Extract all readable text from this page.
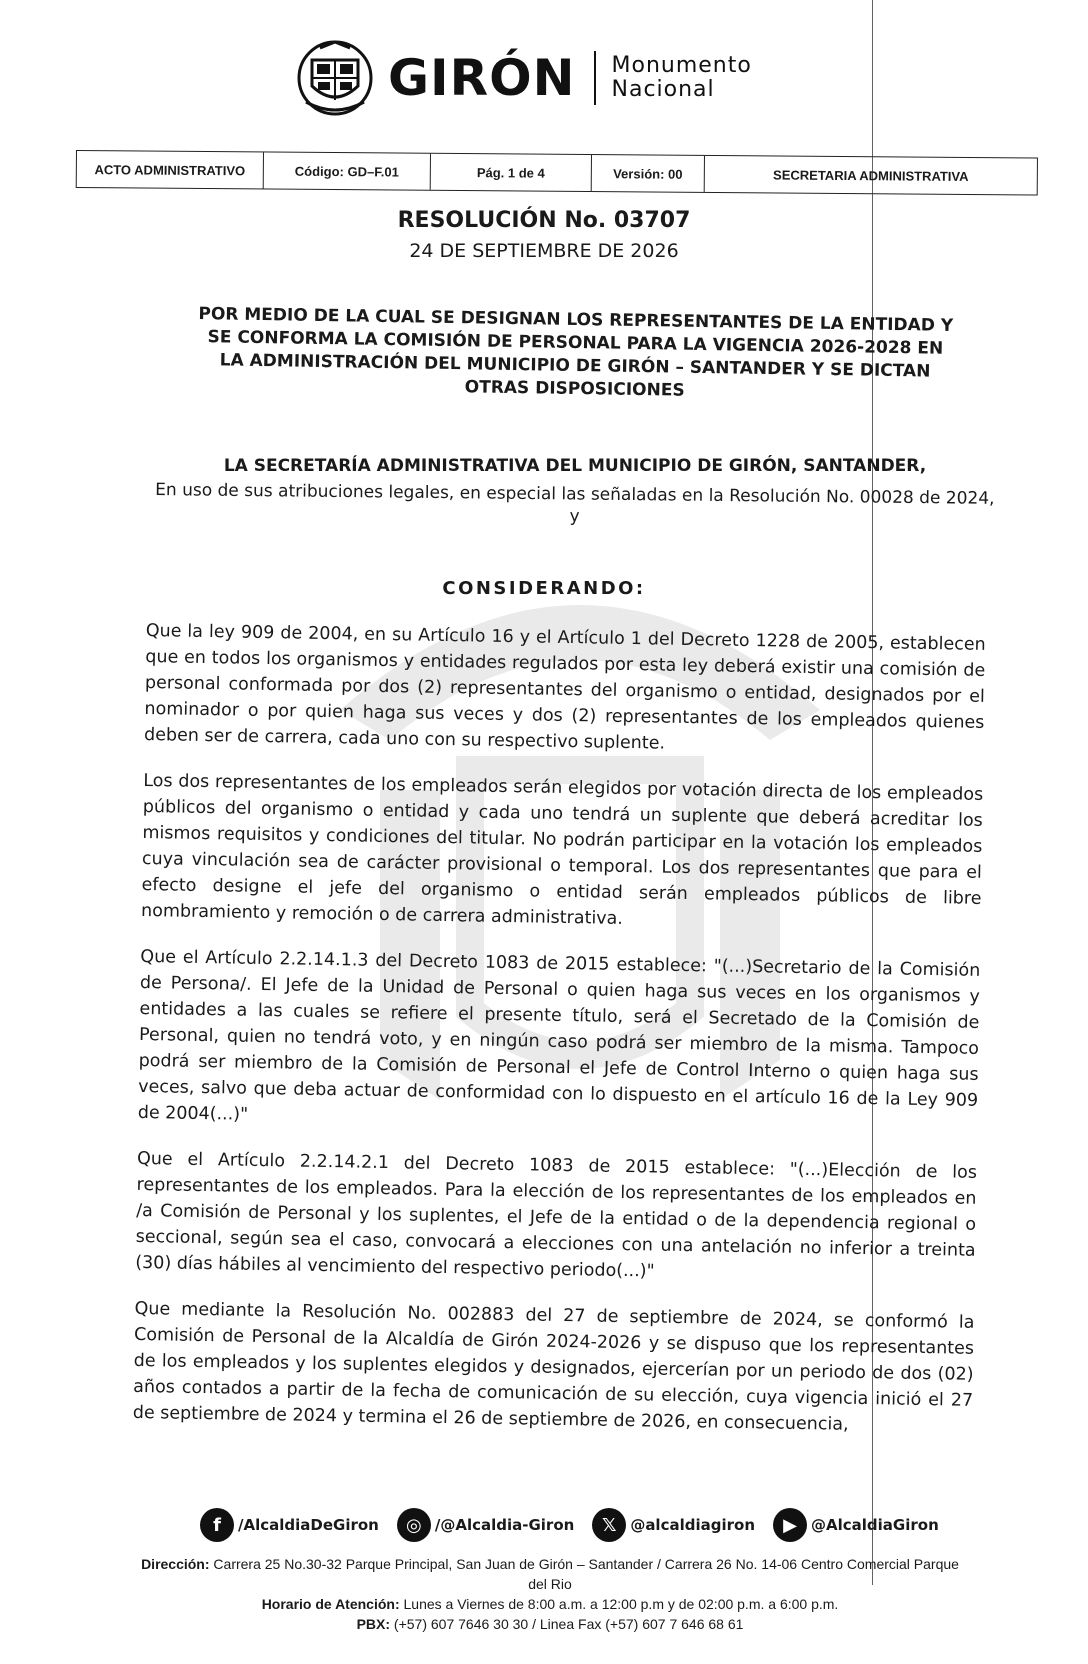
GIRÓN Monumento
Nacional
ACTO ADMINISTRATIVO	Código: GD–F.01	Pág. 1 de 4	Versión: 00	SECRETARIA ADMINISTRATIVA
RESOLUCIÓN No. 03707
24 DE SEPTIEMBRE DE 2026
POR MEDIO DE LA CUAL SE DESIGNAN LOS REPRESENTANTES DE LA ENTIDAD Y SE CONFORMA LA COMISIÓN DE PERSONAL PARA LA VIGENCIA 2026-2028 EN LA ADMINISTRACIÓN DEL MUNICIPIO DE GIRÓN – SANTANDER Y SE DICTAN OTRAS DISPOSICIONES
LA SECRETARÍA ADMINISTRATIVA DEL MUNICIPIO DE GIRÓN, SANTANDER,
En uso de sus atribuciones legales, en especial las señaladas en la Resolución No. 00028 de 2024, y
CONSIDERANDO:

Que la ley 909 de 2004, en su Artículo 16 y el Artículo 1 del Decreto 1228 de 2005, establecen que en todos los organismos y entidades regulados por esta ley deberá existir una comisión de personal conformada por dos (2) representantes del organismo o entidad, designados por el nominador o por quien haga sus veces y dos (2) representantes de los empleados quienes deben ser de carrera, cada uno con su respectivo suplente.

Los dos representantes de los empleados serán elegidos por votación directa de los empleados públicos del organismo o entidad y cada uno tendrá un suplente que deberá acreditar los mismos requisitos y condiciones del titular. No podrán participar en la votación los empleados cuya vinculación sea de carácter provisional o temporal. Los dos representantes que para el efecto designe el jefe del organismo o entidad serán empleados públicos de libre nombramiento y remoción o de carrera administrativa.

Que el Artículo 2.2.14.1.3 del Decreto 1083 de 2015 establece: "(...)Secretario de la Comisión de Persona/. El Jefe de la Unidad de Personal o quien haga sus veces en los organismos y entidades a las cuales se refiere el presente título, será el Secretado de la Comisión de Personal, quien no tendrá voto, y en ningún caso podrá ser miembro de la misma. Tampoco podrá ser miembro de la Comisión de Personal el Jefe de Control Interno o quien haga sus veces, salvo que deba actuar de conformidad con lo dispuesto en el artículo 16 de la Ley 909 de 2004(...)"

Que el Artículo 2.2.14.2.1 del Decreto 1083 de 2015 establece: "(...)Elección de los representantes de los empleados. Para la elección de los representantes de los empleados en /a Comisión de Personal y los suplentes, el Jefe de la entidad o de la dependencia regional o seccional, según sea el caso, convocará a elecciones con una antelación no inferior a treinta (30) días hábiles al vencimiento del respectivo periodo(...)"

Que mediante la Resolución No. 002883 del 27 de septiembre de 2024, se conformó la Comisión de Personal de la Alcaldía de Girón 2024-2026 y se dispuso que los representantes de los empleados y los suplentes elegidos y designados, ejercerían por un periodo de dos (02) años contados a partir de la fecha de comunicación de su elección, cuya vigencia inició el 27 de septiembre de 2024 y termina el 26 de septiembre de 2026, en consecuencia,

f	/AlcaldiaDeGiron	◎ /@Alcaldia-Giron	𝕏 @alcaldiagiron	▶ @AlcaldiaGiron
Dirección: Carrera 25 No.30-32 Parque Principal, San Juan de Girón – Santander / Carrera 26 No. 14-06 Centro Comercial Parque del Rio
Horario de Atención: Lunes a Viernes de 8:00 a.m. a 12:00 p.m y de 02:00 p.m. a 6:00 p.m.
PBX: (+57) 607 7646 30 30 / Linea Fax (+57) 607 7 646 68 61
